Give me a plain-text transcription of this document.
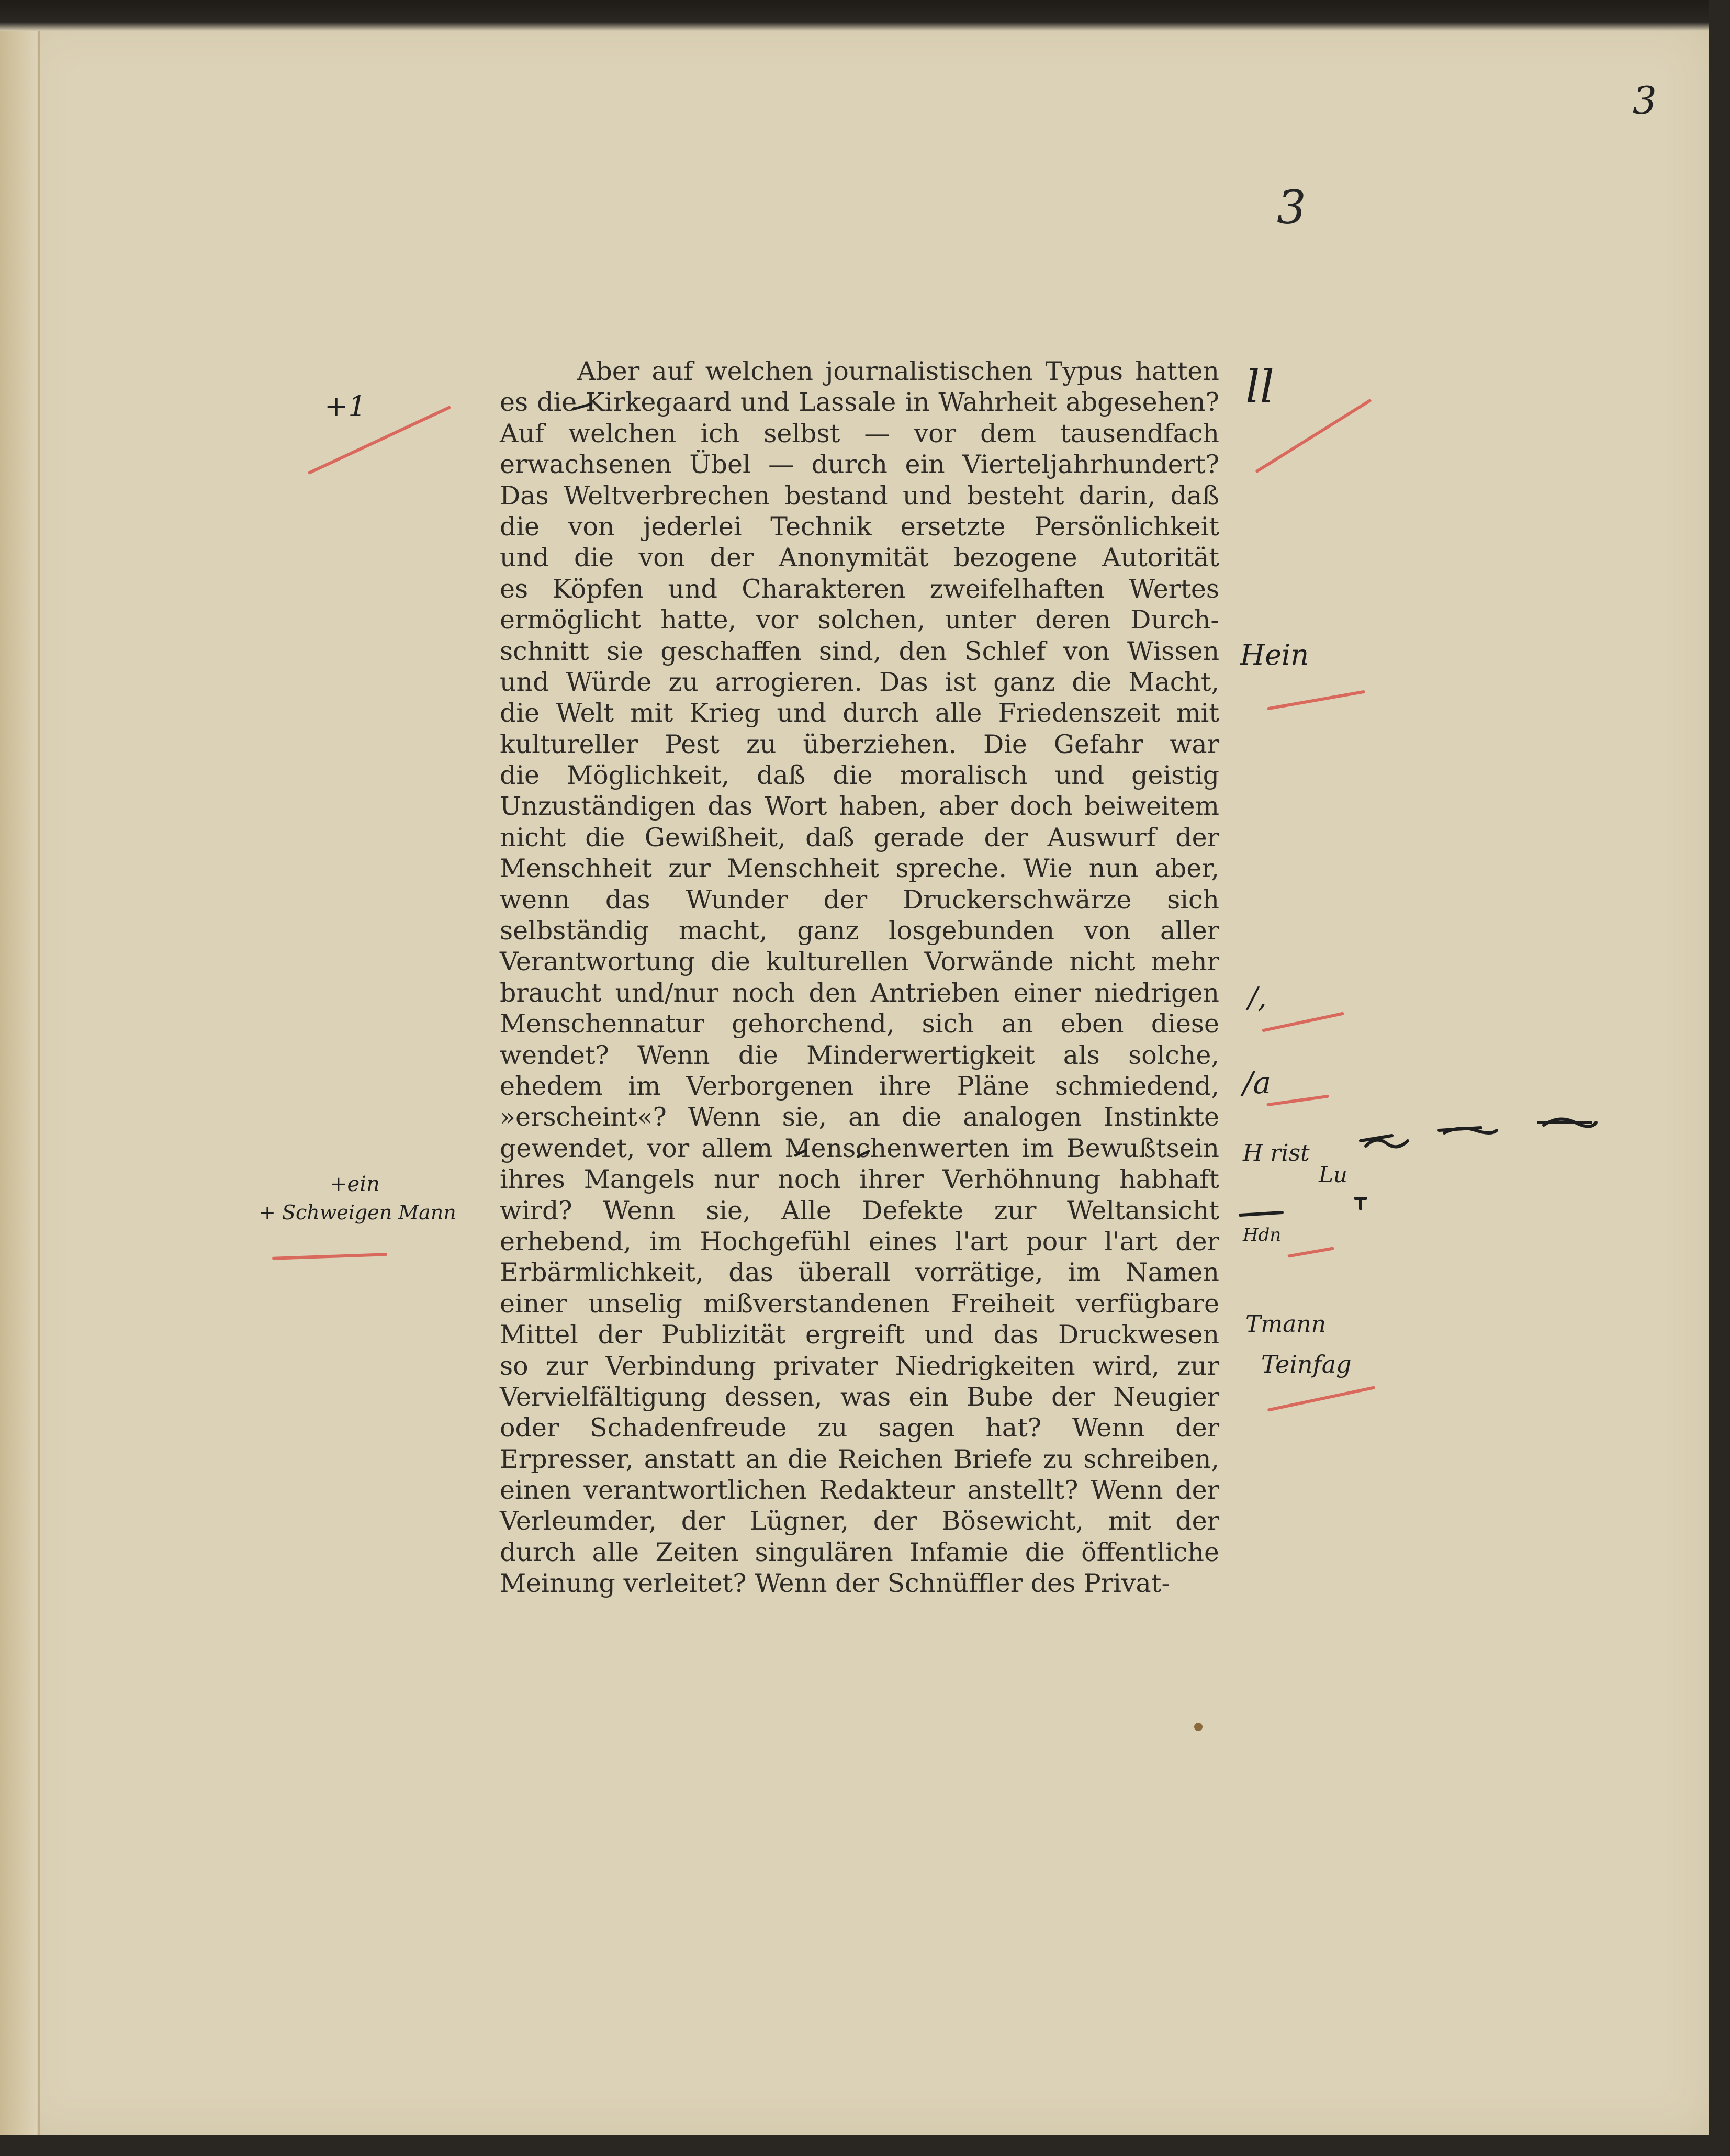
3
3
Aber auf welchen journalistischen Typus hatten
es die Kirkegaard und Lassale in Wahrheit abgesehen?
Auf welchen ich selbst — vor dem tausendfach
erwachsenen Übel — durch ein Vierteljahrhundert?
Das Weltverbrechen bestand und besteht darin, daß
die von jederlei Technik ersetzte Persönlichkeit
und die von der Anonymität bezogene Autorität
es Köpfen und Charakteren zweifelhaften Wertes
ermöglicht hatte, vor solchen, unter deren Durch-
schnitt sie geschaffen sind, den Schlef von Wissen
und Würde zu arrogieren. Das ist ganz die Macht,
die Welt mit Krieg und durch alle Friedenszeit mit
kultureller Pest zu überziehen. Die Gefahr war
die Möglichkeit, daß die moralisch und geistig
Unzuständigen das Wort haben, aber doch beiweitem
nicht die Gewißheit, daß gerade der Auswurf der
Menschheit zur Menschheit spreche. Wie nun aber,
wenn das Wunder der Druckerschwärze sich
selbständig macht, ganz losgebunden von aller
Verantwortung die kulturellen Vorwände nicht mehr
braucht und/nur noch den Antrieben einer niedrigen
Menschennatur gehorchend, sich an eben diese
wendet? Wenn die Minderwertigkeit als solche,
ehedem im Verborgenen ihre Pläne schmiedend,
»erscheint«? Wenn sie, an die analogen Instinkte
gewendet, vor allem Menschenwerten im Bewußtsein
ihres Mangels nur noch ihrer Verhöhnung habhaft
wird? Wenn sie, Alle Defekte zur Weltansicht
erhebend, im Hochgefühl eines l'art pour l'art der
Erbärmlichkeit, das überall vorrätige, im Namen
einer unselig mißverstandenen Freiheit verfügbare
Mittel der Publizität ergreift und das Druckwesen
so zur Verbindung privater Niedrigkeiten wird, zur
Vervielfältigung dessen, was ein Bube der Neugier
oder Schadenfreude zu sagen hat? Wenn der
Erpresser, anstatt an die Reichen Briefe zu schreiben,
einen verantwortlichen Redakteur anstellt? Wenn der
Verleumder, der Lügner, der Bösewicht, mit der
durch alle Zeiten singulären Infamie die öffentliche
Meinung verleitet? Wenn der Schnüffler des Privat-
+1
+ein
+ Schweigen Mann
ll
Hein
/,
/a
H rist
Lu
Hdn
Tmann
Teinfag
